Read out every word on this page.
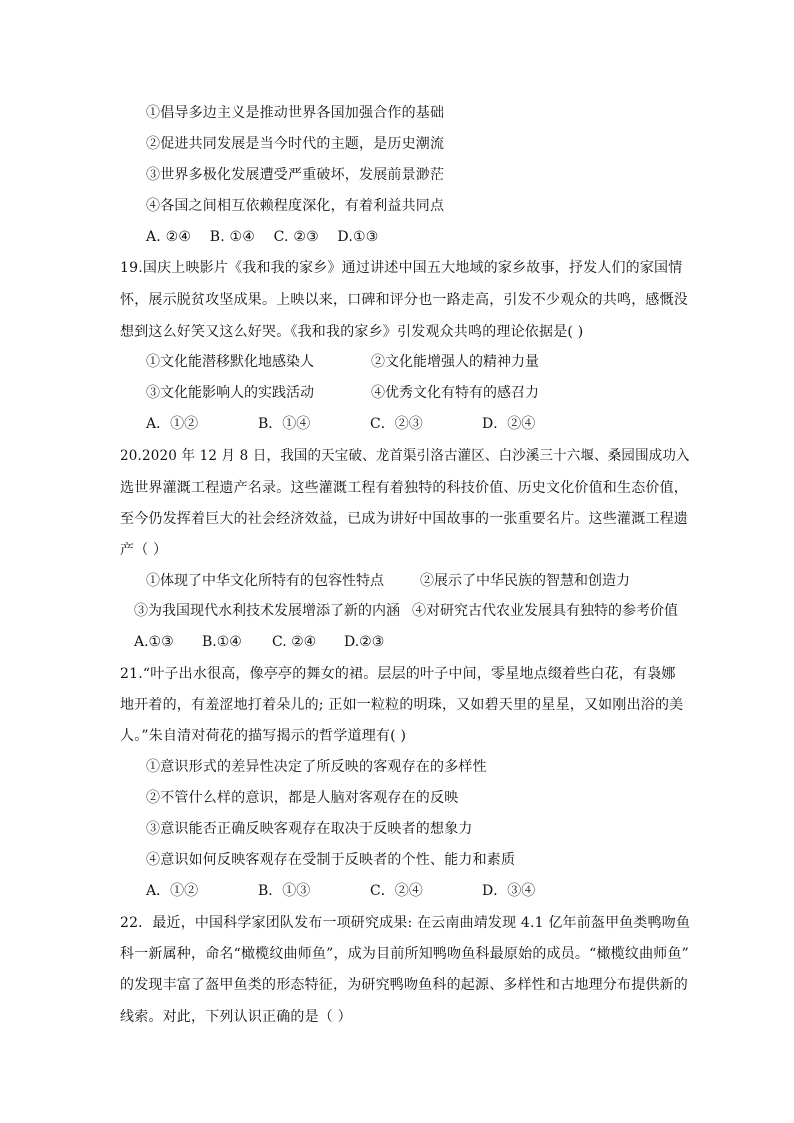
①倡导多边主义是推动世界各国加强合作的基础
②促进共同发展是当今时代的主题，是历史潮流
③世界多极化发展遭受严重破坏，发展前景渺茫
④各国之间相互依赖程度深化，有着利益共同点
A. ②④    B. ①④    C. ②③    D.①③
19.国庆上映影片《我和我的家乡》通过讲述中国五大地域的家乡故事，抒发人们的家国情
怀，展示脱贫攻坚成果。上映以来，口碑和评分也一路走高，引发不少观众的共鸣，感慨没
想到这么好笑又这么好哭。《我和我的家乡》引发观众共鸣的理论依据是( )
①文化能潜移默化地感染人	②文化能增强人的精神力量
③文化能影响人的实践活动	④优秀文化有特有的感召力
A．①②	B．①④	C．②③	D．②④
20.2020 年 12 月 8 日，我国的天宝破、龙首渠引洛古灌区、白沙溪三十六堰、桑园围成功入
选世界灌溉工程遗产名录。这些灌溉工程有着独特的科技价值、历史文化价值和生态价值，
至今仍发挥着巨大的社会经济效益，已成为讲好中国故事的一张重要名片。这些灌溉工程遗
产（ ）
①体现了中华文化所特有的包容性特点	②展示了中华民族的智慧和创造力
③为我国现代水利技术发展增添了新的内涵 ④对研究古代农业发展具有独特的参考价值
A.①③ B.①④ C. ②④ D.②③
21.“叶子出水很高，像亭亭的舞女的裙。层层的叶子中间，零星地点缀着些白花，有袅娜
地开着的，有羞涩地打着朵儿的; 正如一粒粒的明珠，又如碧天里的星星，又如刚出浴的美
人。”朱自清对荷花的描写揭示的哲学道理有( )
①意识形式的差异性决定了所反映的客观存在的多样性
②不管什么样的意识，都是人脑对客观存在的反映
③意识能否正确反映客观存在取决于反映者的想象力
④意识如何反映客观存在受制于反映者的个性、能力和素质
A．①②	B．①③	C．②④	D．③④
22．最近，中国科学家团队发布一项研究成果: 在云南曲靖发现 4.1 亿年前盔甲鱼类鸭吻鱼
科一新属种，命名“橄榄纹曲师鱼”，成为目前所知鸭吻鱼科最原始的成员。“橄榄纹曲师鱼”
的发现丰富了盔甲鱼类的形态特征，为研究鸭吻鱼科的起源、多样性和古地理分布提供新的
线索。对此，下列认识正确的是（ ）
